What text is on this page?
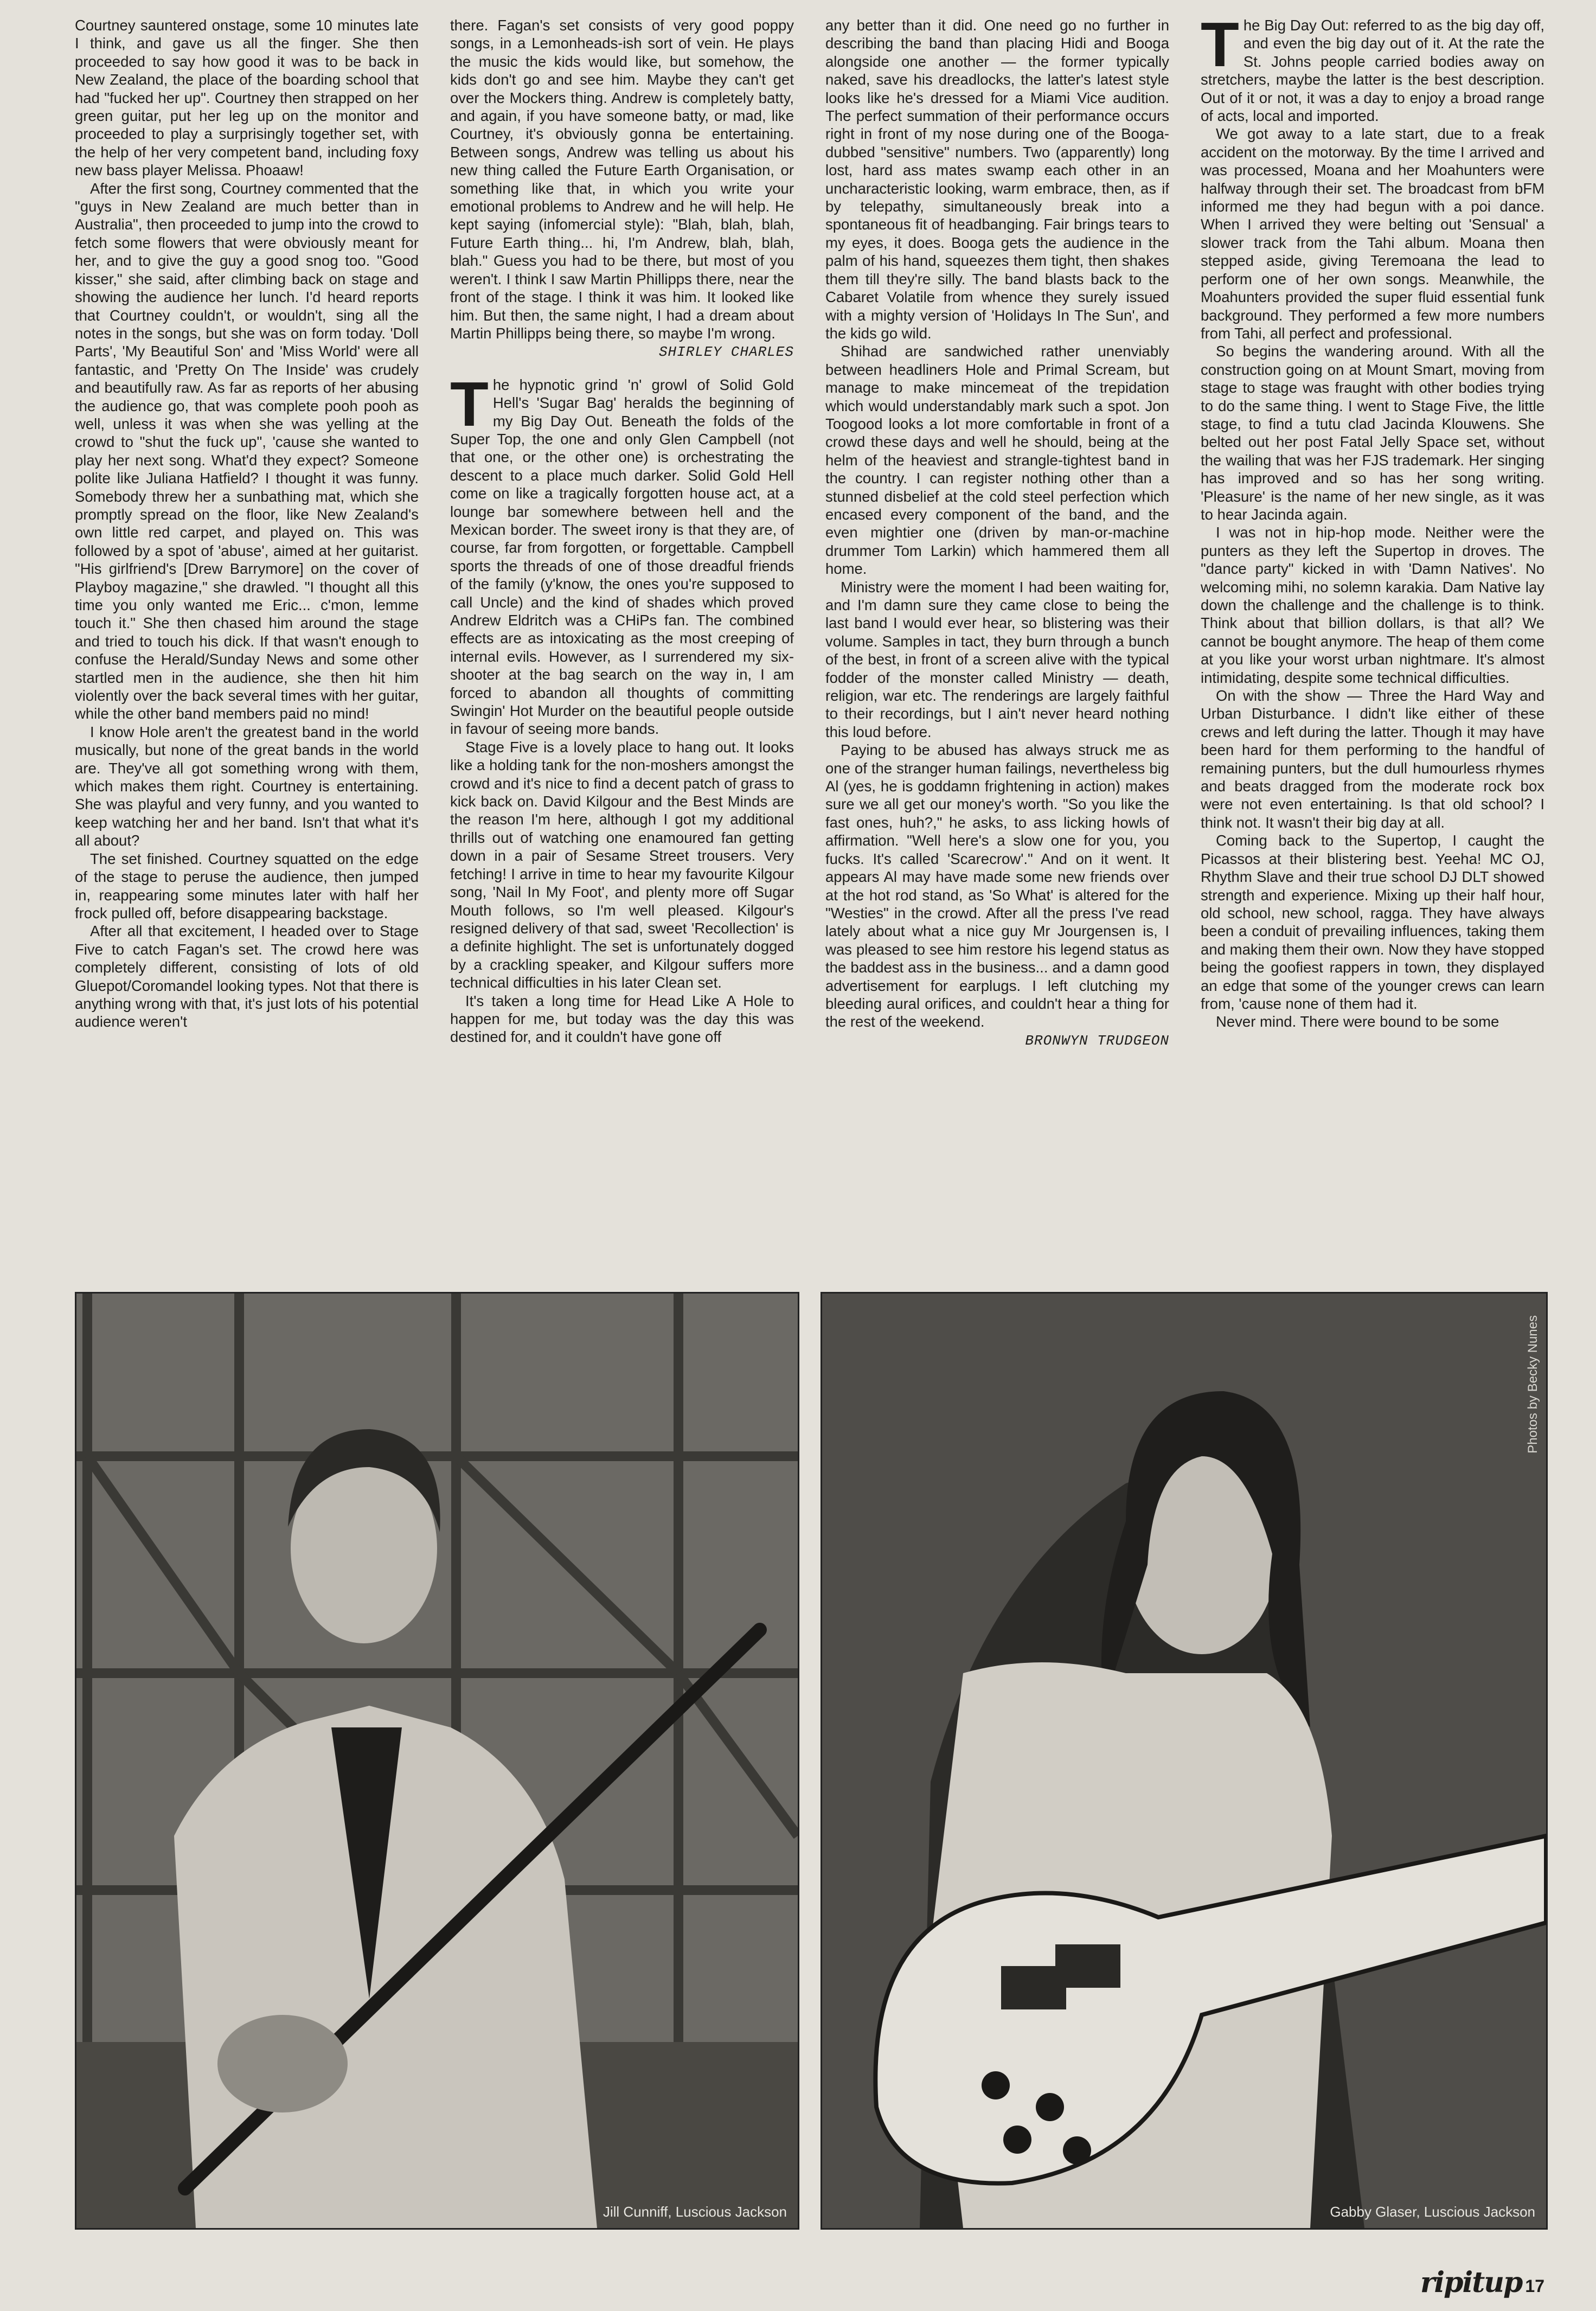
Courtney sauntered onstage, some 10 minutes late I think, and gave us all the finger. She then proceeded to say how good it was to be back in New Zealand, the place of the boarding school that had "fucked her up". Courtney then strapped on her green guitar, put her leg up on the monitor and proceeded to play a surprisingly together set, with the help of her very competent band, including foxy new bass player Melissa. Phoaaw!

After the first song, Courtney commented that the "guys in New Zealand are much better than in Australia", then proceeded to jump into the crowd to fetch some flowers that were obviously meant for her, and to give the guy a good snog too. "Good kisser," she said, after climbing back on stage and showing the audience her lunch. I'd heard reports that Courtney couldn't, or wouldn't, sing all the notes in the songs, but she was on form today. 'Doll Parts', 'My Beautiful Son' and 'Miss World' were all fantastic, and 'Pretty On The Inside' was crudely and beautifully raw. As far as reports of her abusing the audience go, that was complete pooh pooh as well, unless it was when she was yelling at the crowd to "shut the fuck up", 'cause she wanted to play her next song. What'd they expect? Someone polite like Juliana Hatfield? I thought it was funny. Somebody threw her a sunbathing mat, which she promptly spread on the floor, like New Zealand's own little red carpet, and played on. This was followed by a spot of 'abuse', aimed at her guitarist. "His girlfriend's [Drew Barrymore] on the cover of Playboy magazine," she drawled. "I thought all this time you only wanted me Eric... c'mon, lemme touch it." She then chased him around the stage and tried to touch his dick. If that wasn't enough to confuse the Herald/Sunday News and some other startled men in the audience, she then hit him violently over the back several times with her guitar, while the other band members paid no mind!

I know Hole aren't the greatest band in the world musically, but none of the great bands in the world are. They've all got something wrong with them, which makes them right. Courtney is entertaining. She was playful and very funny, and you wanted to keep watching her and her band. Isn't that what it's all about?

The set finished. Courtney squatted on the edge of the stage to peruse the audience, then jumped in, reappearing some minutes later with half her frock pulled off, before disappearing backstage.

After all that excitement, I headed over to Stage Five to catch Fagan's set. The crowd here was completely different, consisting of lots of old Gluepot/Coromandel looking types. Not that there is anything wrong with that, it's just lots of his potential audience weren't

there. Fagan's set consists of very good poppy songs, in a Lemonheads-ish sort of vein. He plays the music the kids would like, but somehow, the kids don't go and see him. Maybe they can't get over the Mockers thing. Andrew is completely batty, and again, if you have someone batty, or mad, like Courtney, it's obviously gonna be entertaining. Between songs, Andrew was telling us about his new thing called the Future Earth Organisation, or something like that, in which you write your emotional problems to Andrew and he will help. He kept saying (infomercial style): "Blah, blah, blah, Future Earth thing... hi, I'm Andrew, blah, blah, blah." Guess you had to be there, but most of you weren't. I think I saw Martin Phillipps there, near the front of the stage. I think it was him. It looked like him. But then, the same night, I had a dream about Martin Phillipps being there, so maybe I'm wrong.

SHIRLEY CHARLES

The hypnotic grind 'n' growl of Solid Gold Hell's 'Sugar Bag' heralds the beginning of my Big Day Out. Beneath the folds of the Super Top, the one and only Glen Campbell (not that one, or the other one) is orchestrating the descent to a place much darker. Solid Gold Hell come on like a tragically forgotten house act, at a lounge bar somewhere between hell and the Mexican border. The sweet irony is that they are, of course, far from forgotten, or forgettable. Campbell sports the threads of one of those dreadful friends of the family (y'know, the ones you're supposed to call Uncle) and the kind of shades which proved Andrew Eldritch was a CHiPs fan. The combined effects are as intoxicating as the most creeping of internal evils. However, as I surrendered my six-shooter at the bag search on the way in, I am forced to abandon all thoughts of committing Swingin' Hot Murder on the beautiful people outside in favour of seeing more bands.

Stage Five is a lovely place to hang out. It looks like a holding tank for the non-moshers amongst the crowd and it's nice to find a decent patch of grass to kick back on. David Kilgour and the Best Minds are the reason I'm here, although I got my additional thrills out of watching one enamoured fan getting down in a pair of Sesame Street trousers. Very fetching! I arrive in time to hear my favourite Kilgour song, 'Nail In My Foot', and plenty more off Sugar Mouth follows, so I'm well pleased. Kilgour's resigned delivery of that sad, sweet 'Recollection' is a definite highlight. The set is unfortunately dogged by a crackling speaker, and Kilgour suffers more technical difficulties in his later Clean set.

It's taken a long time for Head Like A Hole to happen for me, but today was the day this was destined for, and it couldn't have gone off

any better than it did. One need go no further in describing the band than placing Hidi and Booga alongside one another — the former typically naked, save his dreadlocks, the latter's latest style looks like he's dressed for a Miami Vice audition. The perfect summation of their performance occurs right in front of my nose during one of the Booga-dubbed "sensitive" numbers. Two (apparently) long lost, hard ass mates swamp each other in an uncharacteristic looking, warm embrace, then, as if by telepathy, simultaneously break into a spontaneous fit of headbanging. Fair brings tears to my eyes, it does. Booga gets the audience in the palm of his hand, squeezes them tight, then shakes them till they're silly. The band blasts back to the Cabaret Volatile from whence they surely issued with a mighty version of 'Holidays In The Sun', and the kids go wild.

Shihad are sandwiched rather unenviably between headliners Hole and Primal Scream, but manage to make mincemeat of the trepidation which would understandably mark such a spot. Jon Toogood looks a lot more comfortable in front of a crowd these days and well he should, being at the helm of the heaviest and strangle-tightest band in the country. I can register nothing other than a stunned disbelief at the cold steel perfection which encased every component of the band, and the even mightier one (driven by man-or-machine drummer Tom Larkin) which hammered them all home.

Ministry were the moment I had been waiting for, and I'm damn sure they came close to being the last band I would ever hear, so blistering was their volume. Samples in tact, they burn through a bunch of the best, in front of a screen alive with the typical fodder of the monster called Ministry — death, religion, war etc. The renderings are largely faithful to their recordings, but I ain't never heard nothing this loud before.

Paying to be abused has always struck me as one of the stranger human failings, nevertheless big Al (yes, he is goddamn frightening in action) makes sure we all get our money's worth. "So you like the fast ones, huh?," he asks, to ass licking howls of affirmation. "Well here's a slow one for you, you fucks. It's called 'Scarecrow'." And on it went. It appears Al may have made some new friends over at the hot rod stand, as 'So What' is altered for the "Westies" in the crowd. After all the press I've read lately about what a nice guy Mr Jourgensen is, I was pleased to see him restore his legend status as the baddest ass in the business... and a damn good advertisement for earplugs. I left clutching my bleeding aural orifices, and couldn't hear a thing for the rest of the weekend.

BRONWYN TRUDGEON

The Big Day Out: referred to as the big day off, and even the big day out of it. At the rate the St. Johns people carried bodies away on stretchers, maybe the latter is the best description. Out of it or not, it was a day to enjoy a broad range of acts, local and imported.

We got away to a late start, due to a freak accident on the motorway. By the time I arrived and was processed, Moana and her Moahunters were halfway through their set. The broadcast from bFM informed me they had begun with a poi dance. When I arrived they were belting out 'Sensual' a slower track from the Tahi album. Moana then stepped aside, giving Teremoana the lead to perform one of her own songs. Meanwhile, the Moahunters provided the super fluid essential funk background. They performed a few more numbers from Tahi, all perfect and professional.

So begins the wandering around. With all the construction going on at Mount Smart, moving from stage to stage was fraught with other bodies trying to do the same thing. I went to Stage Five, the little stage, to find a tutu clad Jacinda Klouwens. She belted out her post Fatal Jelly Space set, without the wailing that was her FJS trademark. Her singing has improved and so has her song writing. 'Pleasure' is the name of her new single, as it was to hear Jacinda again.

I was not in hip-hop mode. Neither were the punters as they left the Supertop in droves. The "dance party" kicked in with 'Damn Natives'. No welcoming mihi, no solemn karakia. Dam Native lay down the challenge and the challenge is to think. Think about that billion dollars, is that all? We cannot be bought anymore. The heap of them come at you like your worst urban nightmare. It's almost intimidating, despite some technical difficulties.

On with the show — Three the Hard Way and Urban Disturbance. I didn't like either of these crews and left during the latter. Though it may have been hard for them performing to the handful of remaining punters, but the dull humourless rhymes and beats dragged from the moderate rock box were not even entertaining. Is that old school? I think not. It wasn't their big day at all.

Coming back to the Supertop, I caught the Picassos at their blistering best. Yeeha! MC OJ, Rhythm Slave and their true school DJ DLT showed strength and experience. Mixing up their half hour, old school, new school, ragga. They have always been a conduit of prevailing influences, taking them and making them their own. Now they have stopped being the goofiest rappers in town, they displayed an edge that some of the younger crews can learn from, 'cause none of them had it.

Never mind. There were bound to be some

Jill Cunniff, Luscious Jackson
Photos by Becky Nunes
Gabby Glaser, Luscious Jackson
ripitup 17
